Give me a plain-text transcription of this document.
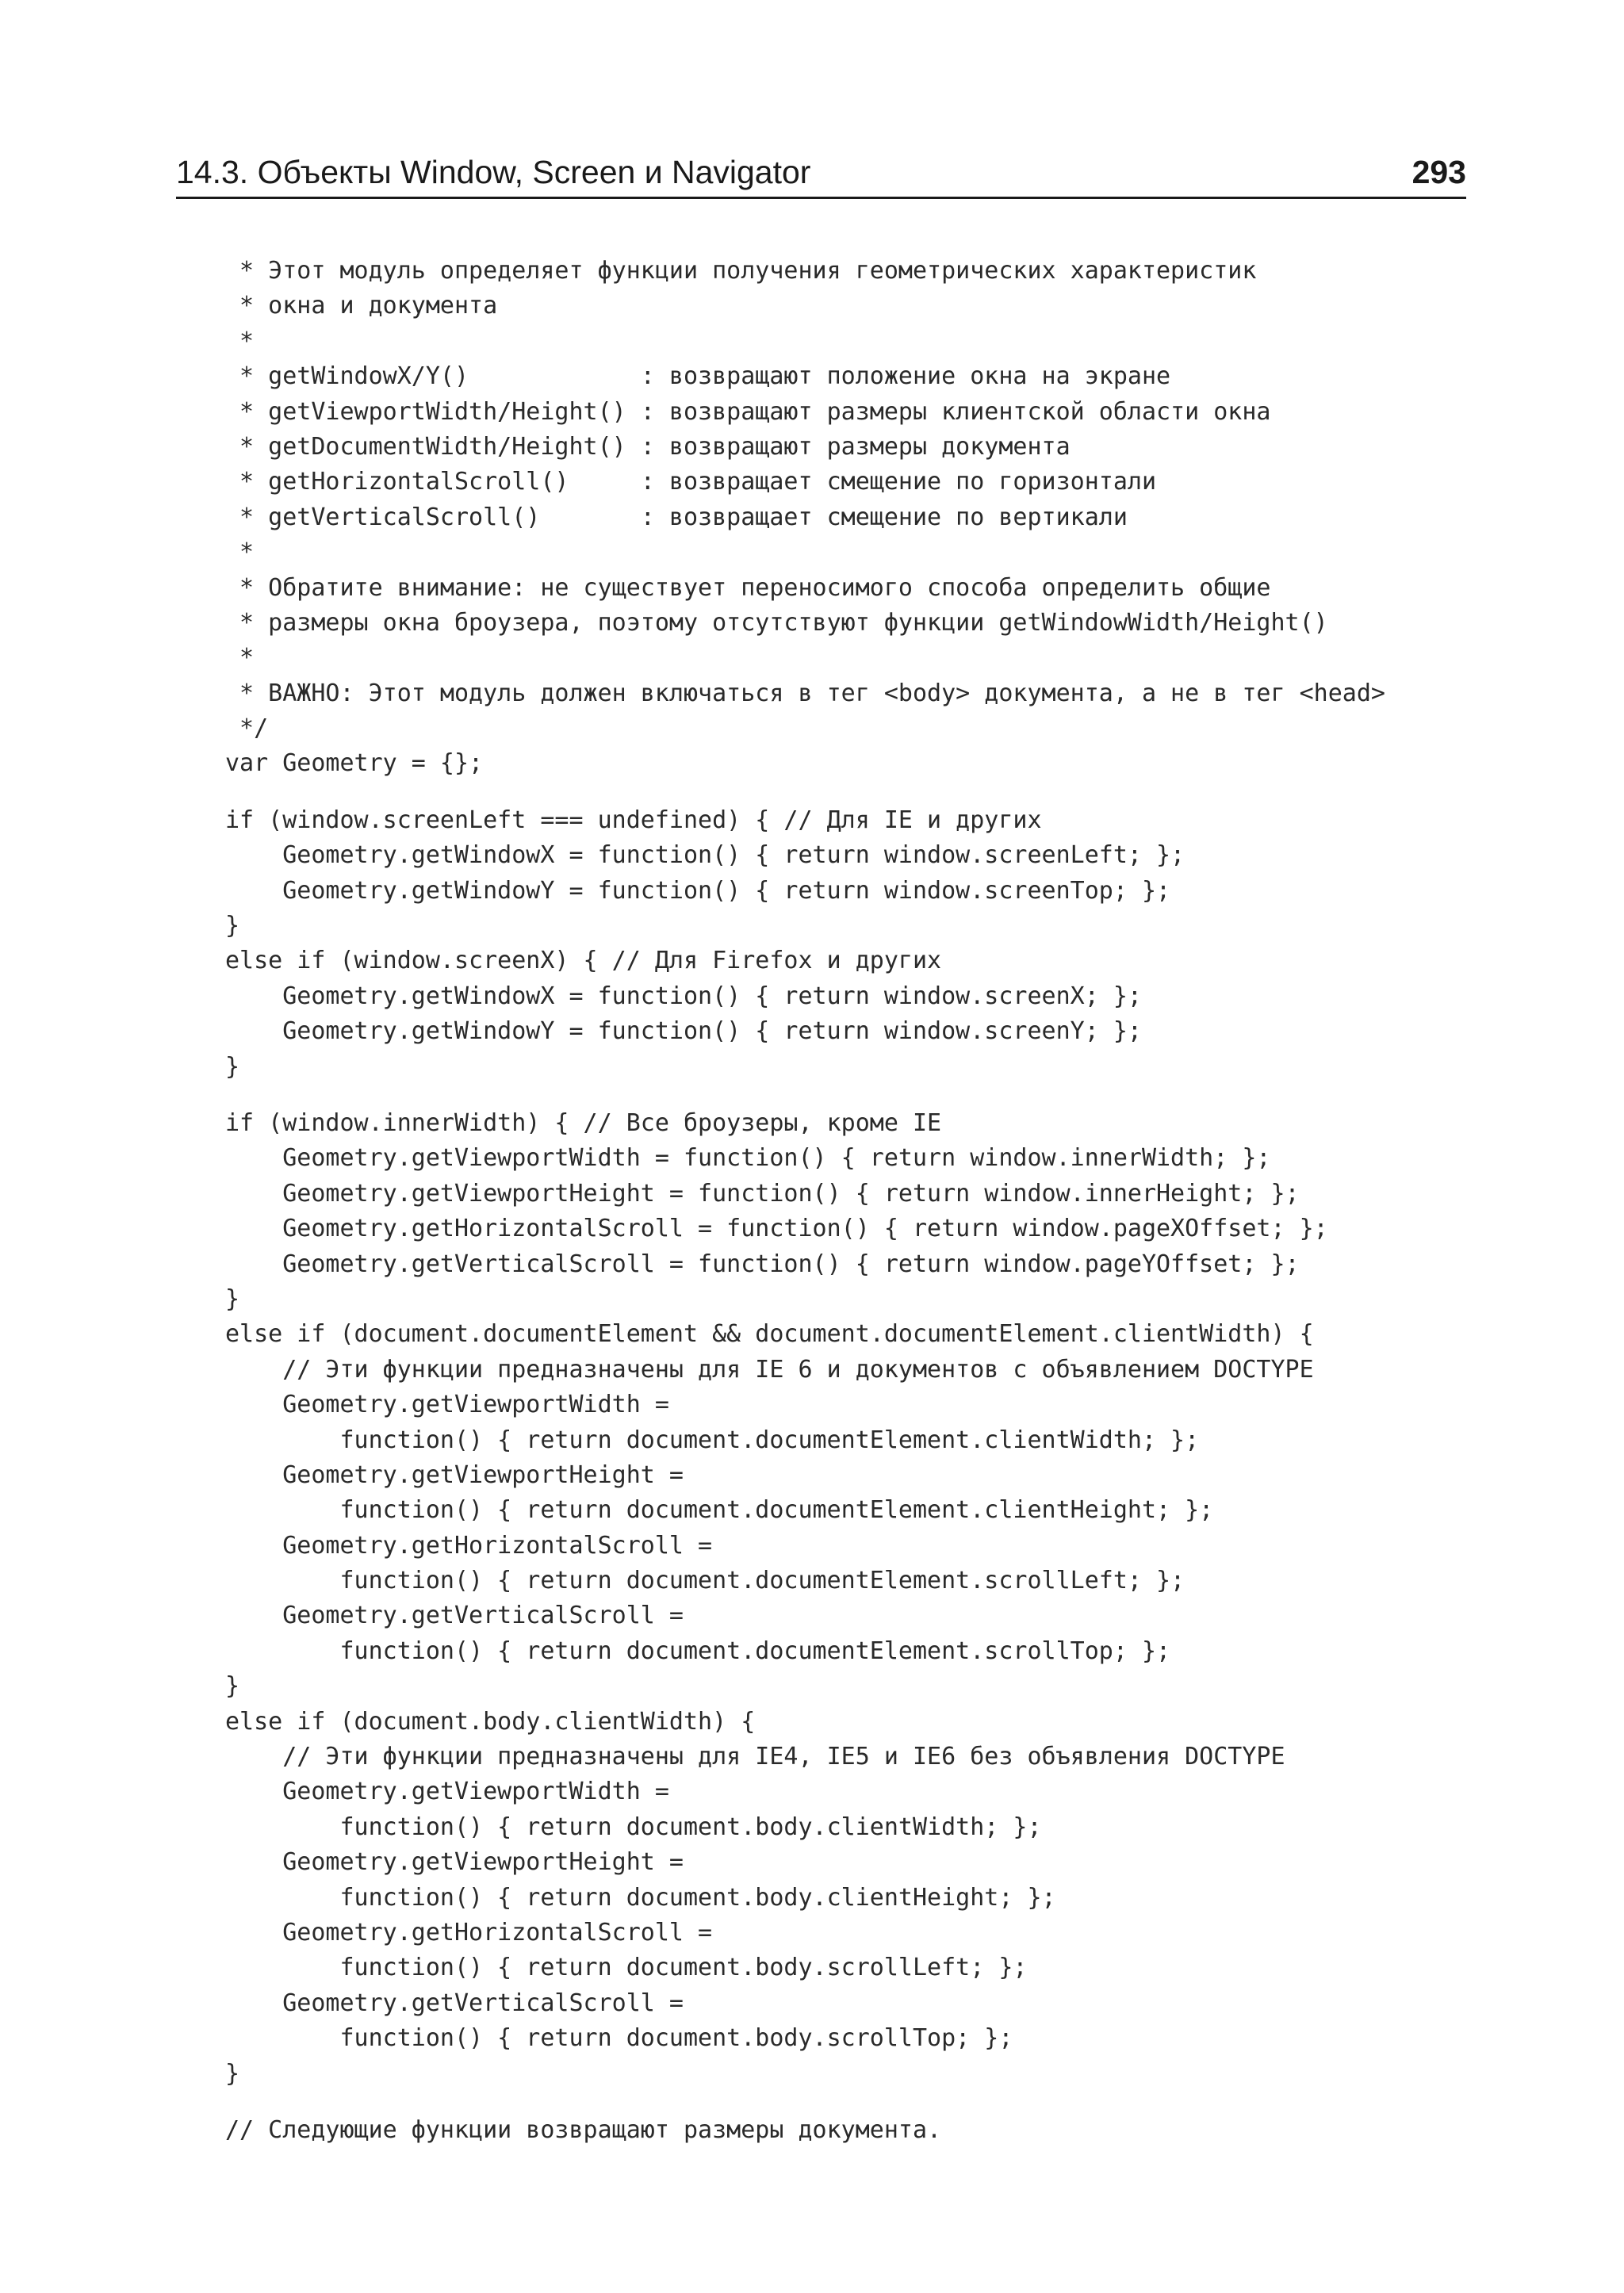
14.3. Объекты Window, Screen и Navigator	293
* Этот модуль определяет функции получения геометрических характеристик
* окна и документа
*
* getWindowX/Y()            : возвращают положение окна на экране
* getViewportWidth/Height() : возвращают размеры клиентской области окна
* getDocumentWidth/Height() : возвращают размеры документа
* getHorizontalScroll()     : возвращает смещение по горизонтали
* getVerticalScroll()       : возвращает смещение по вертикали
*
* Обратите внимание: не существует переносимого способа определить общие
* размеры окна броузера, поэтому отсутствуют функции getWindowWidth/Height()
*
* ВАЖНО: Этот модуль должен включаться в тег <body> документа, а не в тег <head>
*/
var Geometry = {};
if (window.screenLeft === undefined) { // Для IE и других
Geometry.getWindowX = function() { return window.screenLeft; };
Geometry.getWindowY = function() { return window.screenTop; };
}
else if (window.screenX) { // Для Firefox и других
Geometry.getWindowX = function() { return window.screenX; };
Geometry.getWindowY = function() { return window.screenY; };
}
if (window.innerWidth) { // Все броузеры, кроме IE
Geometry.getViewportWidth = function() { return window.innerWidth; };
Geometry.getViewportHeight = function() { return window.innerHeight; };
Geometry.getHorizontalScroll = function() { return window.pageXOffset; };
Geometry.getVerticalScroll = function() { return window.pageYOffset; };
}
else if (document.documentElement && document.documentElement.clientWidth) {
// Эти функции предназначены для IE 6 и документов с объявлением DOCTYPE
Geometry.getViewportWidth =
function() { return document.documentElement.clientWidth; };
Geometry.getViewportHeight =
function() { return document.documentElement.clientHeight; };
Geometry.getHorizontalScroll =
function() { return document.documentElement.scrollLeft; };
Geometry.getVerticalScroll =
function() { return document.documentElement.scrollTop; };
}
else if (document.body.clientWidth) {
// Эти функции предназначены для IE4, IE5 и IE6 без объявления DOCTYPE
Geometry.getViewportWidth =
function() { return document.body.clientWidth; };
Geometry.getViewportHeight =
function() { return document.body.clientHeight; };
Geometry.getHorizontalScroll =
function() { return document.body.scrollLeft; };
Geometry.getVerticalScroll =
function() { return document.body.scrollTop; };
}
// Следующие функции возвращают размеры документа.
